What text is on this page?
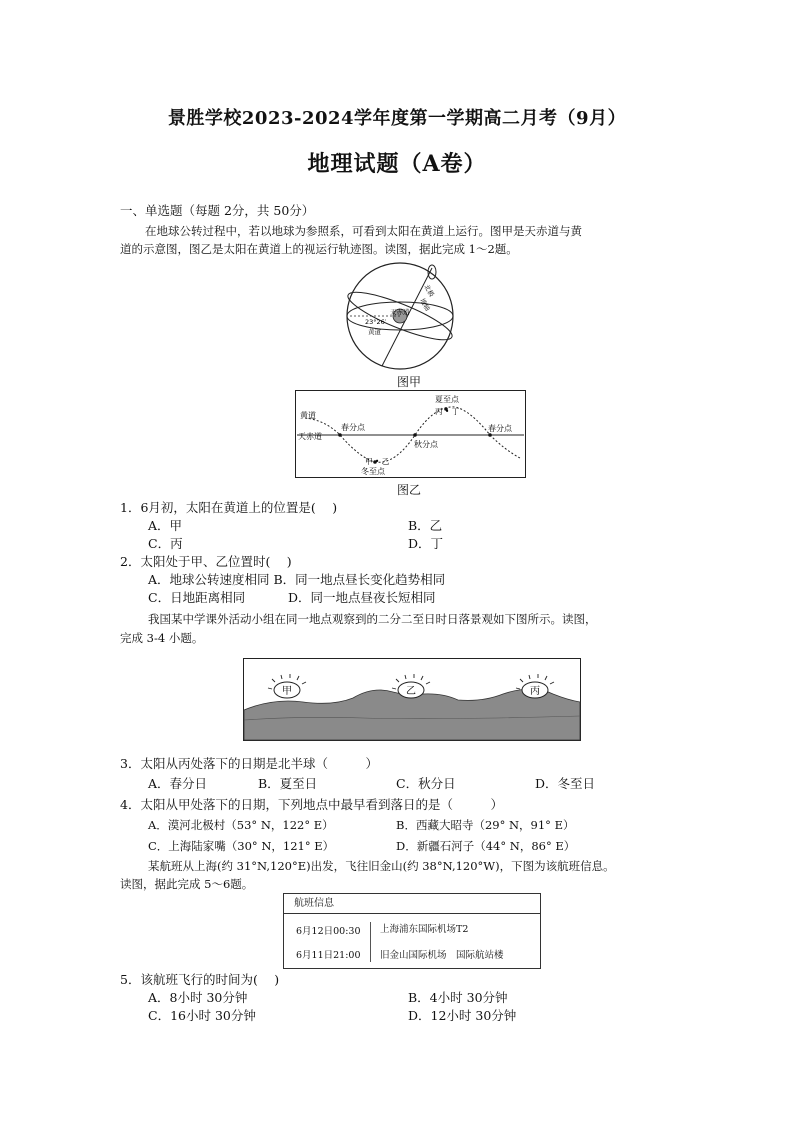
景胜学校2023-2024学年度第一学期高二月考（9月）
地理试题（A卷）
一、单选题（每题 2分，共 50分）
在地球公转过程中，若以地球为参照系，可看到太阳在黄道上运行。图甲是天赤道与黄
道的示意图，图乙是太阳在黄道上的视运行轨迹图。读图，据此完成 1～2题。
北极
地轴
天赤道
23°26′
黄道
图甲
黄道
天赤道
春分点
夏至点
丙 • 丁
秋分点
春分点
甲 • 乙
冬至点
图乙
1．6月初，太阳在黄道上的位置是(　 )
A．甲	B．乙
C．丙	D．丁
2．太阳处于甲、乙位置时(　 )
A．地球公转速度相同 B．同一地点昼长变化趋势相同
C．日地距离相同	D．同一地点昼夜长短相同
我国某中学课外活动小组在同一地点观察到的二分二至日时日落景观如下图所示。读图，
完成 3-4 小题。
甲	乙	丙
3．太阳从丙处落下的日期是北半球（　　　）
A．春分日	B．夏至日	C．秋分日	D．冬至日
4．太阳从甲处落下的日期，下列地点中最早看到落日的是（　　　）
A．漠河北极村（53° N，122° E）	B．西藏大昭寺（29° N，91° E）
C．上海陆家嘴（30° N，121° E）	D．新疆石河子（44° N，86° E）
某航班从上海(约 31°N,120°E)出发，飞往旧金山(约 38°N,120°W)，下图为该航班信息。
读图，据此完成 5～6题。
航班信息
6月12日00:30 上海浦东国际机场T2
6月11日21:00 旧金山国际机场　国际航站楼
5．该航班飞行的时间为(　 )
A．8小时 30分钟	B．4小时 30分钟
C．16小时 30分钟	D．12小时 30分钟
